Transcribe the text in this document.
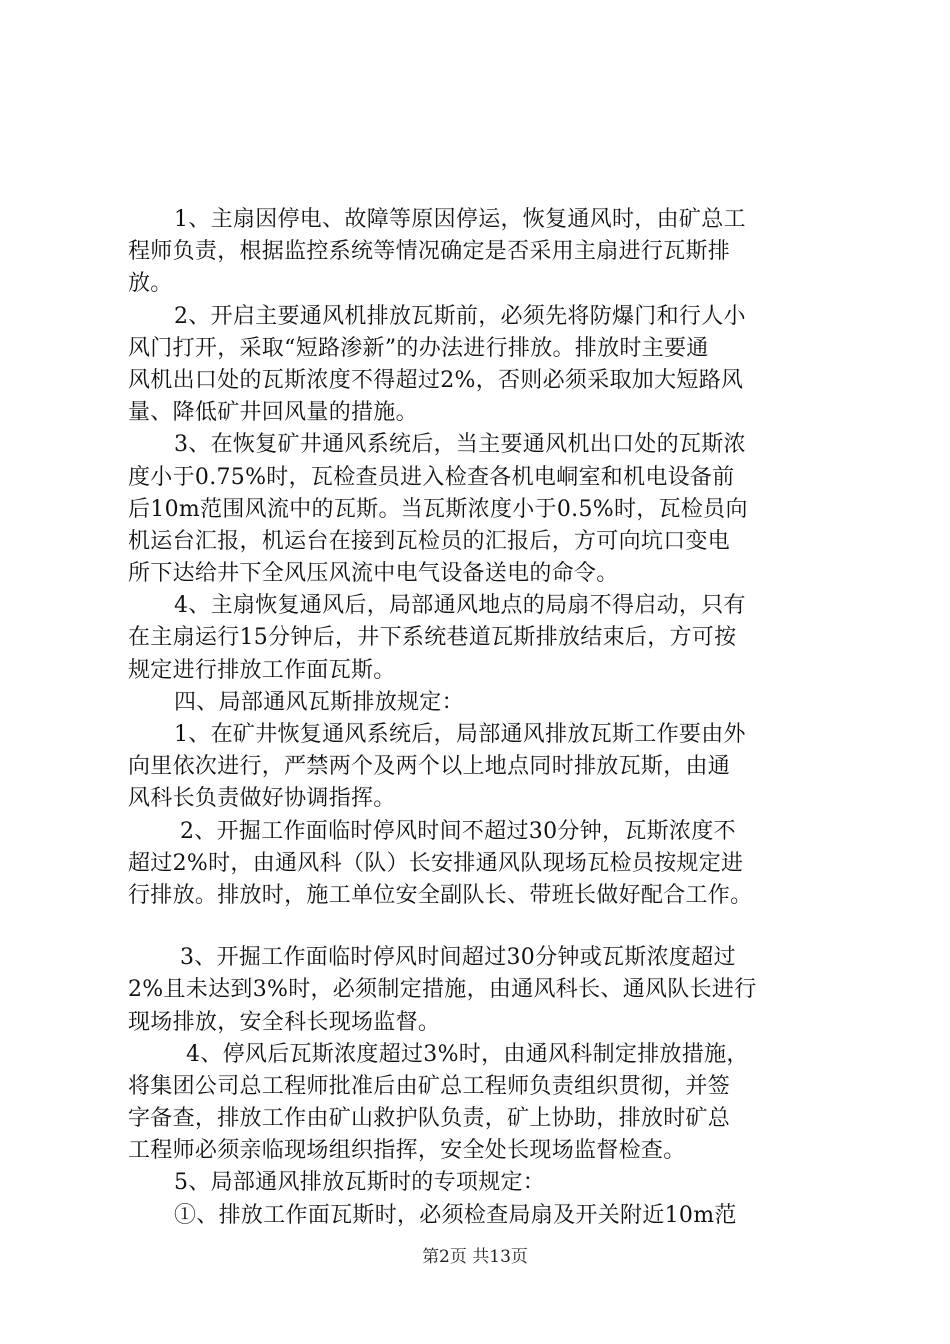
1、主扇因停电、故障等原因停运，恢复通风时，由矿总工
程师负责，根据监控系统等情况确定是否采用主扇进行瓦斯排
放。
2、开启主要通风机排放瓦斯前，必须先将防爆门和行人小
风门打开，采取“短路渗新”的办法进行排放。排放时主要通
风机出口处的瓦斯浓度不得超过2%，否则必须采取加大短路风
量、降低矿井回风量的措施。
3、在恢复矿井通风系统后，当主要通风机出口处的瓦斯浓
度小于0.75%时，瓦检查员进入检查各机电峒室和机电设备前
后10m范围风流中的瓦斯。当瓦斯浓度小于0.5%时，瓦检员向
机运台汇报，机运台在接到瓦检员的汇报后，方可向坑口变电
所下达给井下全风压风流中电气设备送电的命令。
4、主扇恢复通风后，局部通风地点的局扇不得启动，只有
在主扇运行15分钟后，井下系统巷道瓦斯排放结束后，方可按
规定进行排放工作面瓦斯。
四、局部通风瓦斯排放规定：
1、在矿井恢复通风系统后，局部通风排放瓦斯工作要由外
向里依次进行，严禁两个及两个以上地点同时排放瓦斯，由通
风科长负责做好协调指挥。
2、开掘工作面临时停风时间不超过30分钟，瓦斯浓度不
超过2%时，由通风科（队）长安排通风队现场瓦检员按规定进
行排放。排放时，施工单位安全副队长、带班长做好配合工作。
3、开掘工作面临时停风时间超过30分钟或瓦斯浓度超过
2%且未达到3%时，必须制定措施，由通风科长、通风队长进行
现场排放，安全科长现场监督。
4、停风后瓦斯浓度超过3%时，由通风科制定排放措施，
将集团公司总工程师批准后由矿总工程师负责组织贯彻，并签
字备查，排放工作由矿山救护队负责，矿上协助，排放时矿总
工程师必须亲临现场组织指挥，安全处长现场监督检查。
5、局部通风排放瓦斯时的专项规定：
①、排放工作面瓦斯时，必须检查局扇及开关附近10m范
第2页 共13页
